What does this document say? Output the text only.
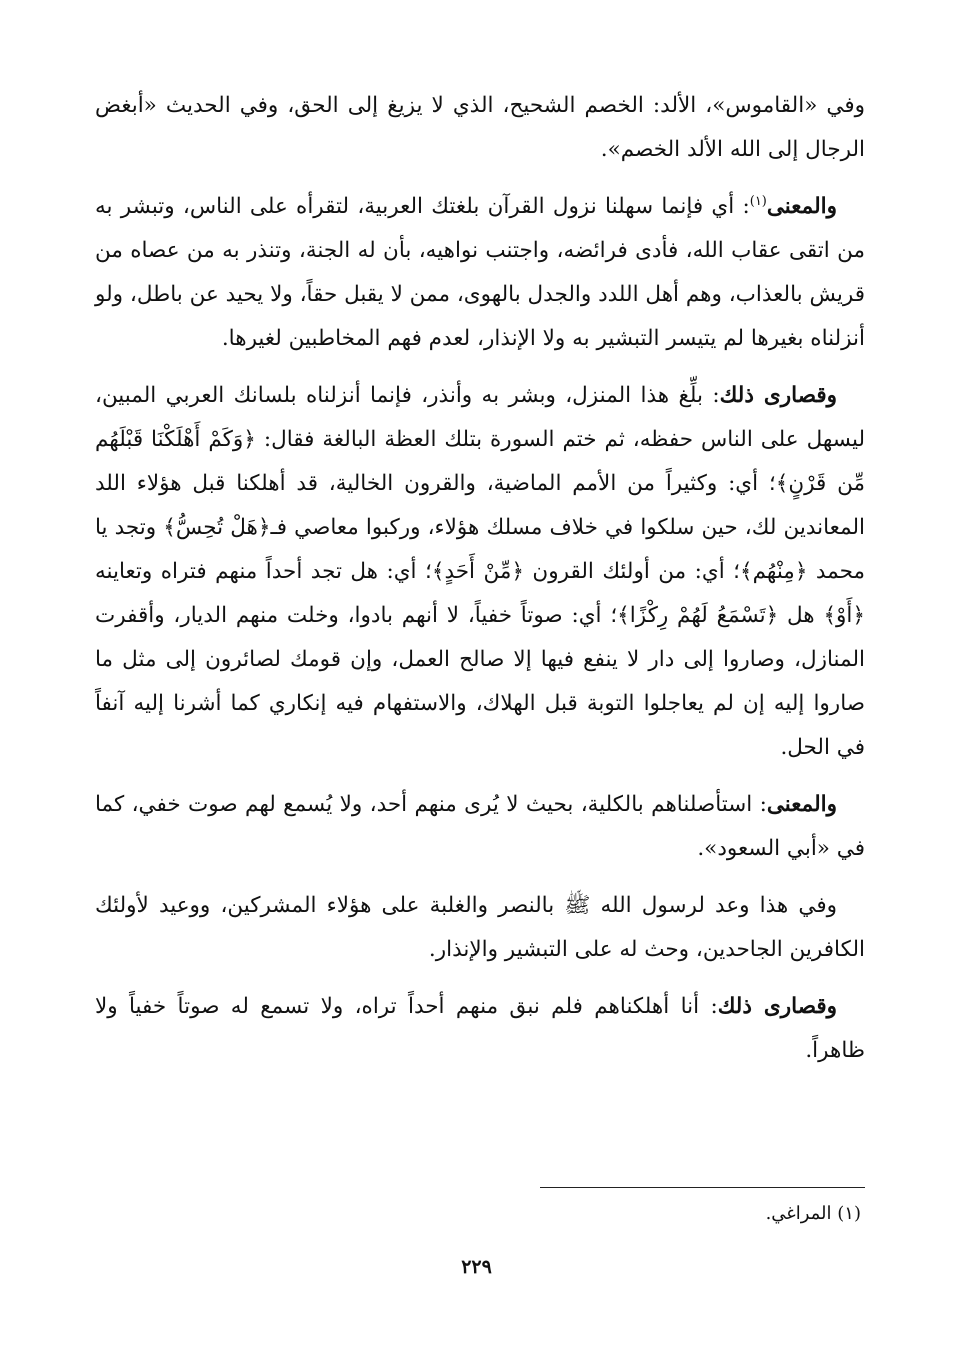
وفي «القاموس»، الألد: الخصم الشحيح، الذي لا يزيغ إلى الحق، وفي الحديث «أبغض الرجال إلى الله الألد الخصم».

والمعنى$^{(١)}$: أي فإنما سهلنا نزول القرآن بلغتك العربية، لتقرأه على الناس، وتبشر به من اتقى عقاب الله، فأدى فرائضه، واجتنب نواهيه، بأن له الجنة، وتنذر به من عصاه من قريش بالعذاب، وهم أهل اللدد والجدل بالهوى، ممن لا يقبل حقاً، ولا يحيد عن باطل، ولو أنزلناه بغيرها لم يتيسر التبشير به ولا الإنذار، لعدم فهم المخاطبين لغيرها.

وقصارى ذلك: بلِّغ هذا المنزل، وبشر به وأنذر، فإنما أنزلناه بلسانك العربي المبين، ليسهل على الناس حفظه، ثم ختم السورة بتلك العظة البالغة فقال: ﴿وَكَمْ أَهْلَكْنَا قَبْلَهُم مِّن قَرْنٍ﴾؛ أي: وكثيراً من الأمم الماضية، والقرون الخالية، قد أهلكنا قبل هؤلاء اللد المعاندين لك، حين سلكوا في خلاف مسلك هؤلاء، وركبوا معاصي فـ﴿هَلْ تُحِسُّ﴾ وتجد يا محمد ﴿مِنْهُم﴾؛ أي: من أولئك القرون ﴿مِّنْ أَحَدٍ﴾؛ أي: هل تجد أحداً منهم فتراه وتعاينه ﴿أَوْ﴾ هل ﴿تَسْمَعُ لَهُمْ رِكْزًا﴾؛ أي: صوتاً خفياً، لا أنهم بادوا، وخلت منهم الديار، وأقفرت المنازل، وصاروا إلى دار لا ينفع فيها إلا صالح العمل، وإن قومك لصائرون إلى مثل ما صاروا إليه إن لم يعاجلوا التوبة قبل الهلاك، والاستفهام فيه إنكاري كما أشرنا إليه آنفاً في الحل.

والمعنى: استأصلناهم بالكلية، بحيث لا يُرى منهم أحد، ولا يُسمع لهم صوت خفي، كما في «أبي السعود».

وفي هذا وعد لرسول الله ﷺ بالنصر والغلبة على هؤلاء المشركين، ووعيد لأولئك الكافرين الجاحدين، وحث له على التبشير والإنذار.

وقصارى ذلك: أنا أهلكناهم فلم نبق منهم أحداً تراه، ولا تسمع له صوتاً خفياً ولا ظاهراً.

(١) المراغي.
٢٢٩
